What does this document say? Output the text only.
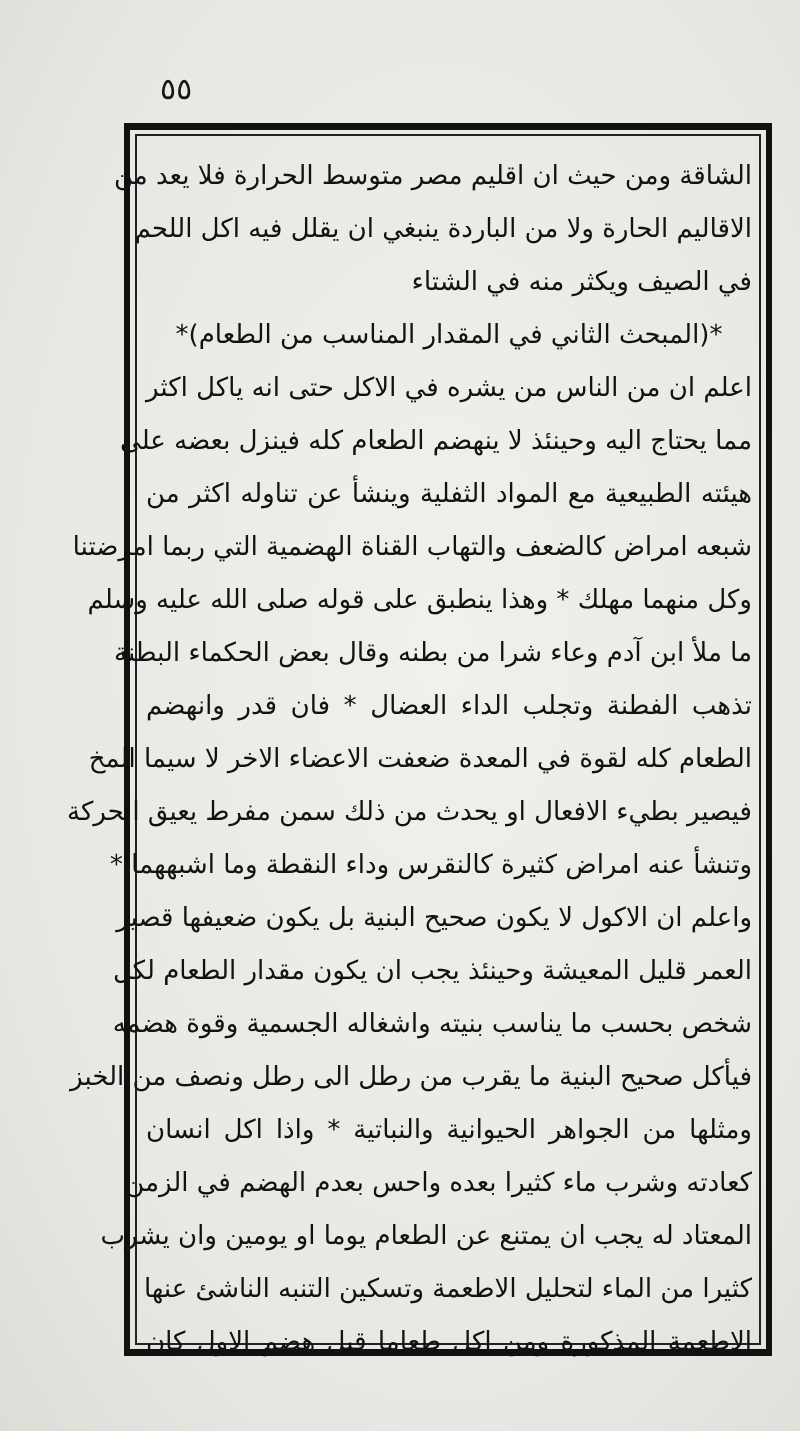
٥٥
الشاقة ومن حيث ان اقليم مصر متوسط الحرارة فلا يعد من
الاقاليم الحارة ولا من الباردة ينبغي ان يقلل فيه اكل اللحم
في الصيف ويكثر منه في الشتاء
*(المبحث الثاني في المقدار المناسب من الطعام)*
اعلم ان من الناس من يشره في الاكل حتى انه ياكل اكثر
مما يحتاج اليه وحينئذ لا ينهضم الطعام كله فينزل بعضه على
هيئته الطبيعية مع المواد الثفلية وينشأ عن تناوله اكثر من
شبعه امراض كالضعف والتهاب القناة الهضمية التي ربما امرضتنا
وكل منهما مهلك * وهذا ينطبق على قوله صلى الله عليه وسلم
ما ملأ ابن آدم وعاء شرا من بطنه وقال بعض الحكماء البطنة
تذهب الفطنة وتجلب الداء العضال * فان قدر وانهضم
الطعام كله لقوة في المعدة ضعفت الاعضاء الاخر لا سيما المخ
فيصير بطيء الافعال او يحدث من ذلك سمن مفرط يعيق الحركة
وتنشأ عنه امراض كثيرة كالنقرس وداء النقطة وما اشبههما *
واعلم ان الاكول لا يكون صحيح البنية بل يكون ضعيفها قصير
العمر قليل المعيشة وحينئذ يجب ان يكون مقدار الطعام لكل
شخص بحسب ما يناسب بنيته واشغاله الجسمية وقوة هضمه
فيأكل صحيح البنية ما يقرب من رطل الى رطل ونصف من الخبز
ومثلها من الجواهر الحيوانية والنباتية * واذا اكل انسان
كعادته وشرب ماء كثيرا بعده واحس بعدم الهضم في الزمن
المعتاد له يجب ان يمتنع عن الطعام يوما او يومين وان يشرب
كثيرا من الماء لتحليل الاطعمة وتسكين التنبه الناشئ عنها
الاطعمة المذكورة ومن اكل طعاما قبل هضم الاول كان
